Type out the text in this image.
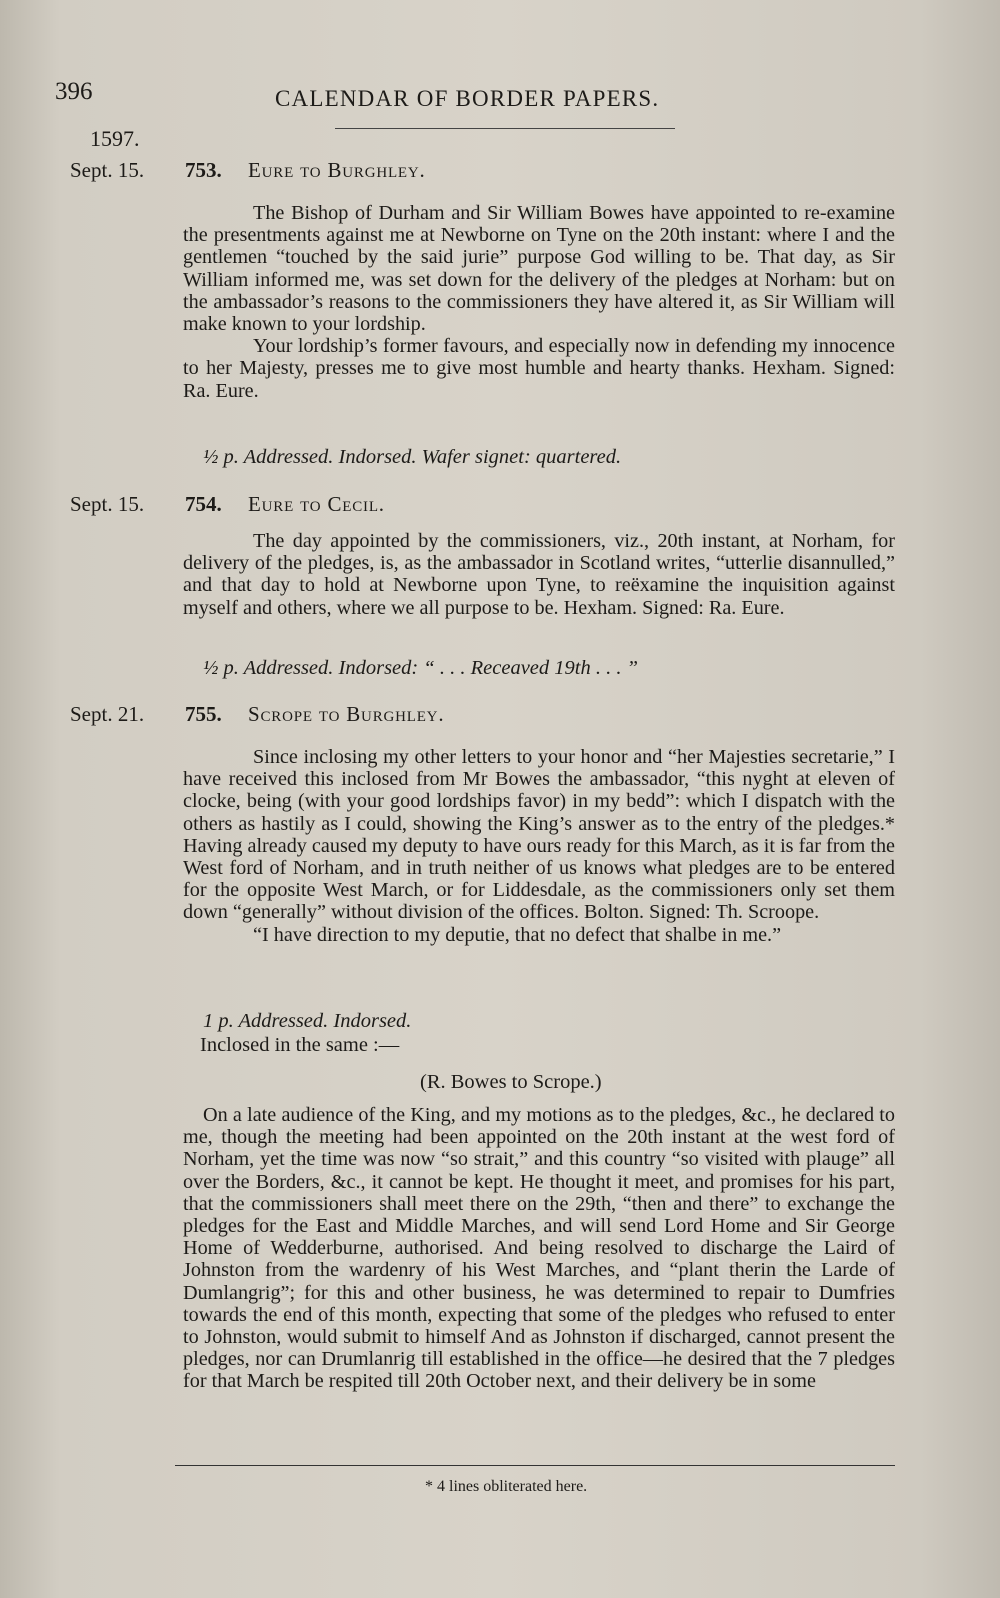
396	CALENDAR OF BORDER PAPERS.
1597.
Sept. 15. 753. Eure to Burghley.

The Bishop of Durham and Sir William Bowes have appointed to re-examine the presentments against me at Newborne on Tyne on the 20th instant: where I and the gentlemen “touched by the said jurie” purpose God willing to be. That day, as Sir William informed me, was set down for the delivery of the pledges at Norham: but on the ambassador’s reasons to the commissioners they have altered it, as Sir William will make known to your lordship.

Your lordship’s former favours, and especially now in defending my innocence to her Majesty, presses me to give most humble and hearty thanks. Hexham. Signed: Ra. Eure.

½ p. Addressed. Indorsed. Wafer signet: quartered.
Sept. 15. 754. Eure to Cecil.

The day appointed by the commissioners, viz., 20th instant, at Norham, for delivery of the pledges, is, as the ambassador in Scotland writes, “utterlie disannulled,” and that day to hold at Newborne upon Tyne, to reëxamine the inquisition against myself and others, where we all purpose to be. Hexham. Signed: Ra. Eure.

½ p. Addressed. Indorsed: “ . . . Receaved 19th . . . ”
Sept. 21. 755. Scrope to Burghley.

Since inclosing my other letters to your honor and “her Majesties secretarie,” I have received this inclosed from Mr Bowes the ambassador, “this nyght at eleven of clocke, being (with your good lordships favor) in my bedd”: which I dispatch with the others as hastily as I could, showing the King’s answer as to the entry of the pledges.* Having already caused my deputy to have ours ready for this March, as it is far from the West ford of Norham, and in truth neither of us knows what pledges are to be entered for the opposite West March, or for Liddesdale, as the commissioners only set them down “generally” without division of the offices. Bolton. Signed: Th. Scroope.

“I have direction to my deputie, that no defect that shalbe in me.”

1 p. Addressed. Indorsed.
Inclosed in the same :—
(R. Bowes to Scrope.)

On a late audience of the King, and my motions as to the pledges, &c., he declared to me, though the meeting had been appointed on the 20th instant at the west ford of Norham, yet the time was now “so strait,” and this country “so visited with plauge” all over the Borders, &c., it cannot be kept. He thought it meet, and promises for his part, that the commissioners shall meet there on the 29th, “then and there” to exchange the pledges for the East and Middle Marches, and will send Lord Home and Sir George Home of Wedderburne, authorised. And being resolved to discharge the Laird of Johnston from the wardenry of his West Marches, and “plant therin the Larde of Dumlangrig”; for this and other business, he was determined to repair to Dumfries towards the end of this month, expecting that some of the pledges who refused to enter to Johnston, would submit to himself And as Johnston if discharged, cannot present the pledges, nor can Drumlanrig till established in the office—he desired that the 7 pledges for that March be respited till 20th October next, and their delivery be in some

* 4 lines obliterated here.
